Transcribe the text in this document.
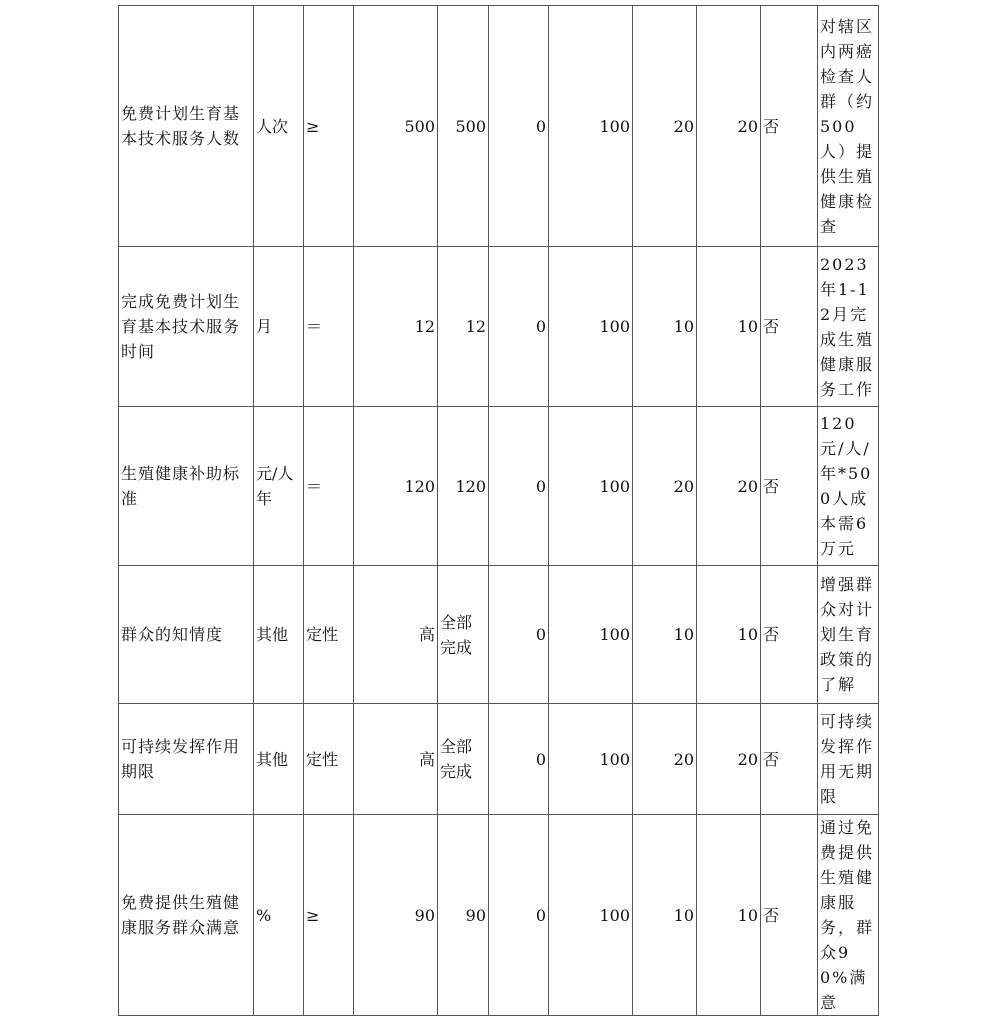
免费计划生育基本技术服务人数	人次	≥	500	500	0	100	20	20	否	对辖区内两癌检查人群（约500人）提供生殖健康检查
完成免费计划生育基本技术服务时间	月	＝	12	12	0	100	10	10	否	2023年1-12月完成生殖健康服务工作
生殖健康补助标准	元/人年	＝	120	120	0	100	20	20	否	120元/人/年*500人成本需6万元
群众的知情度	其他	定性	高	全部完成	0	100	10	10	否	增强群众对计划生育政策的了解
可持续发挥作用期限	其他	定性	高	全部完成	0	100	20	20	否	可持续发挥作用无期限
免费提供生殖健康服务群众满意	%	≥	90	90	0	100	10	10	否	通过免费提供生殖健康服务，群众90%满意
